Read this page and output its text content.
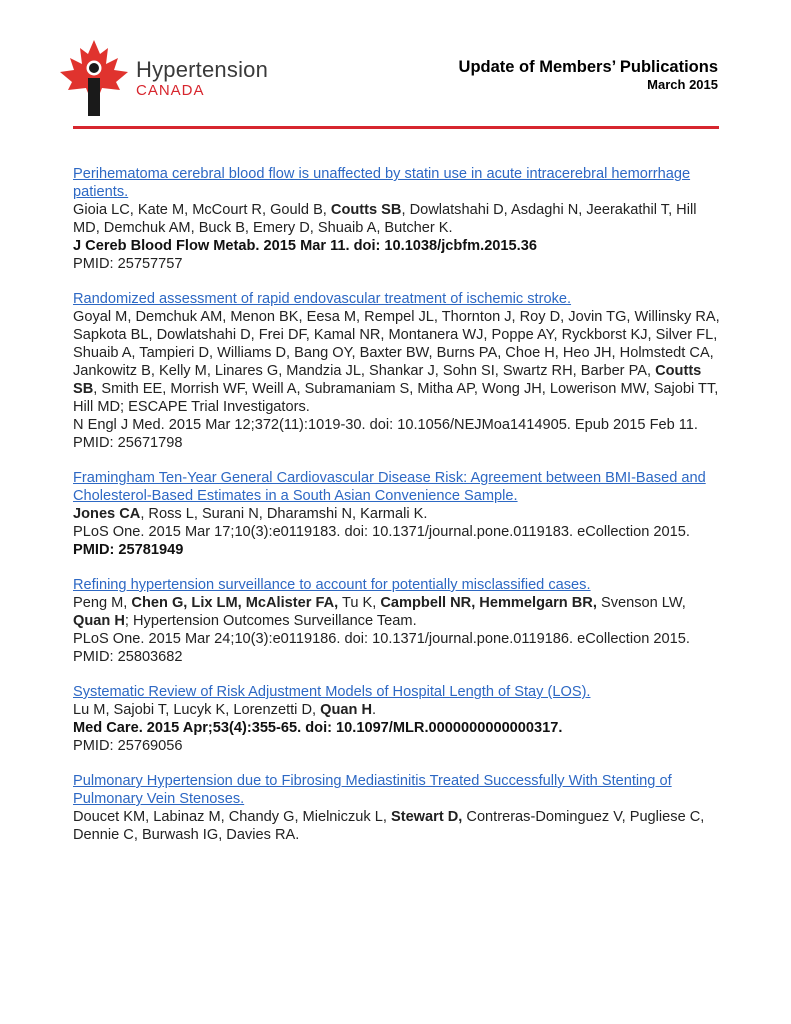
Hypertension
CANADA
Update of Members’ Publications
March 2015
Perihematoma cerebral blood flow is unaffected by statin use in acute intracerebral hemorrhage patients.
Gioia LC, Kate M, McCourt R, Gould B, Coutts SB, Dowlatshahi D, Asdaghi N, Jeerakathil T, Hill MD, Demchuk AM, Buck B, Emery D, Shuaib A, Butcher K.
J Cereb Blood Flow Metab. 2015 Mar 11. doi: 10.1038/jcbfm.2015.36
PMID: 25757757
Randomized assessment of rapid endovascular treatment of ischemic stroke.
Goyal M, Demchuk AM, Menon BK, Eesa M, Rempel JL, Thornton J, Roy D, Jovin TG, Willinsky RA, Sapkota BL, Dowlatshahi D, Frei DF, Kamal NR, Montanera WJ, Poppe AY, Ryckborst KJ, Silver FL, Shuaib A, Tampieri D, Williams D, Bang OY, Baxter BW, Burns PA, Choe H, Heo JH, Holmstedt CA, Jankowitz B, Kelly M, Linares G, Mandzia JL, Shankar J, Sohn SI, Swartz RH, Barber PA, Coutts SB, Smith EE, Morrish WF, Weill A, Subramaniam S, Mitha AP, Wong JH, Lowerison MW, Sajobi TT, Hill MD; ESCAPE Trial Investigators.
N Engl J Med. 2015 Mar 12;372(11):1019-30. doi: 10.1056/NEJMoa1414905. Epub 2015 Feb 11.
PMID: 25671798
Framingham Ten-Year General Cardiovascular Disease Risk: Agreement between BMI-Based and Cholesterol-Based Estimates in a South Asian Convenience Sample.
Jones CA, Ross L, Surani N, Dharamshi N, Karmali K.
PLoS One. 2015 Mar 17;10(3):e0119183. doi: 10.1371/journal.pone.0119183. eCollection 2015.
PMID: 25781949
Refining hypertension surveillance to account for potentially misclassified cases.
Peng M, Chen G, Lix LM, McAlister FA, Tu K, Campbell NR, Hemmelgarn BR, Svenson LW, Quan H; Hypertension Outcomes Surveillance Team.
PLoS One. 2015 Mar 24;10(3):e0119186. doi: 10.1371/journal.pone.0119186. eCollection 2015.
PMID: 25803682
Systematic Review of Risk Adjustment Models of Hospital Length of Stay (LOS).
Lu M, Sajobi T, Lucyk K, Lorenzetti D, Quan H.
Med Care. 2015 Apr;53(4):355-65. doi: 10.1097/MLR.0000000000000317.
PMID: 25769056
Pulmonary Hypertension due to Fibrosing Mediastinitis Treated Successfully With Stenting of Pulmonary Vein Stenoses.
Doucet KM, Labinaz M, Chandy G, Mielniczuk L, Stewart D, Contreras-Dominguez V, Pugliese C, Dennie C, Burwash IG, Davies RA.
